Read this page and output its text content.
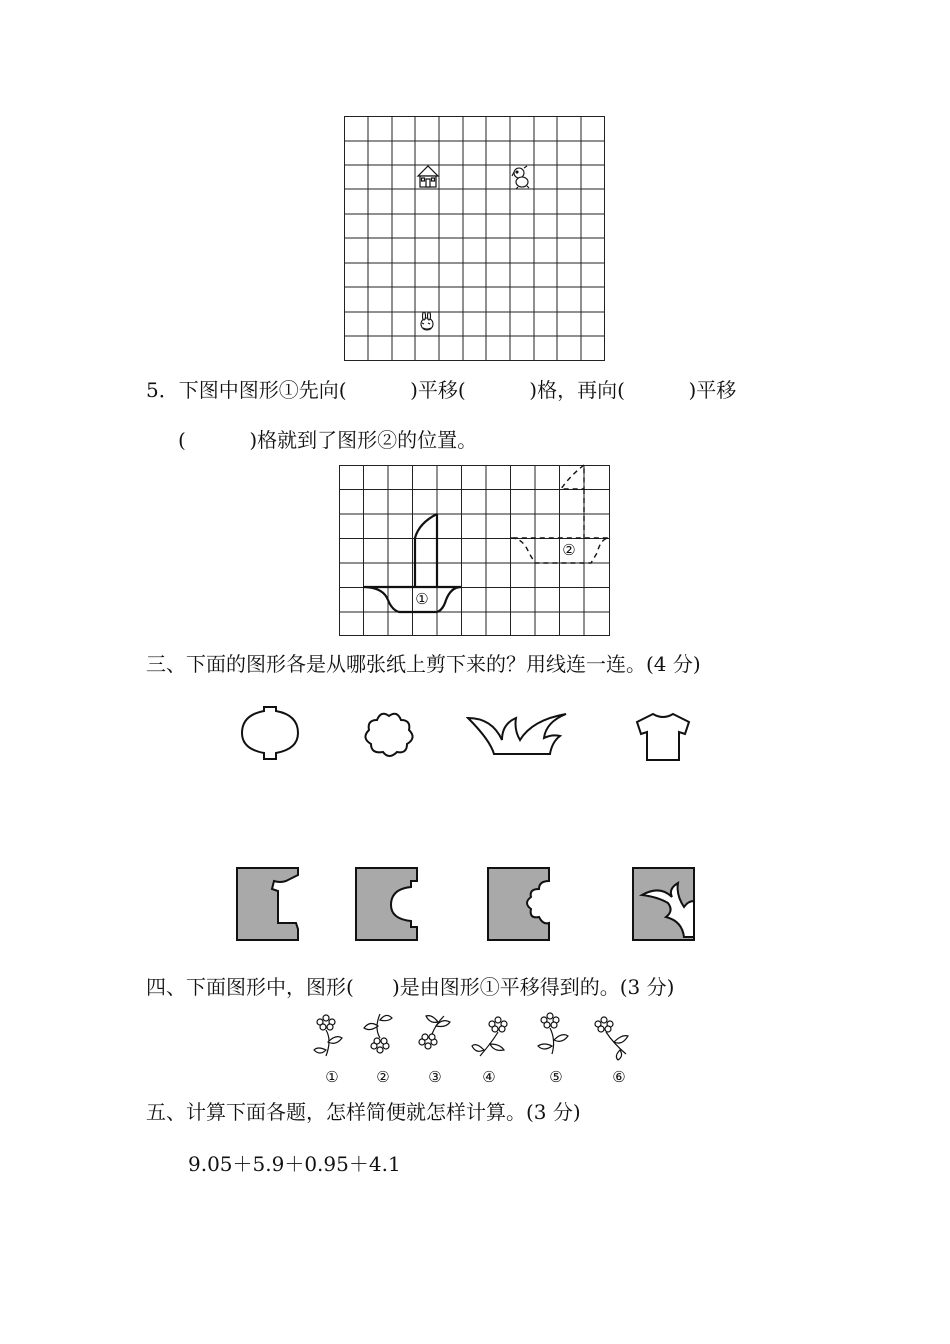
5．下图中图形①先向(          )平移(          )格，再向(          )平移
(          )格就到了图形②的位置。
①
②
三、下面的图形各是从哪张纸上剪下来的？用线连一连。(4 分)
四、下面图形中，图形(      )是由图形①平移得到的。(3 分)
①	②	③	④	⑤	⑥
五、计算下面各题，怎样简便就怎样计算。(3 分)
9.05＋5.9＋0.95＋4.1
